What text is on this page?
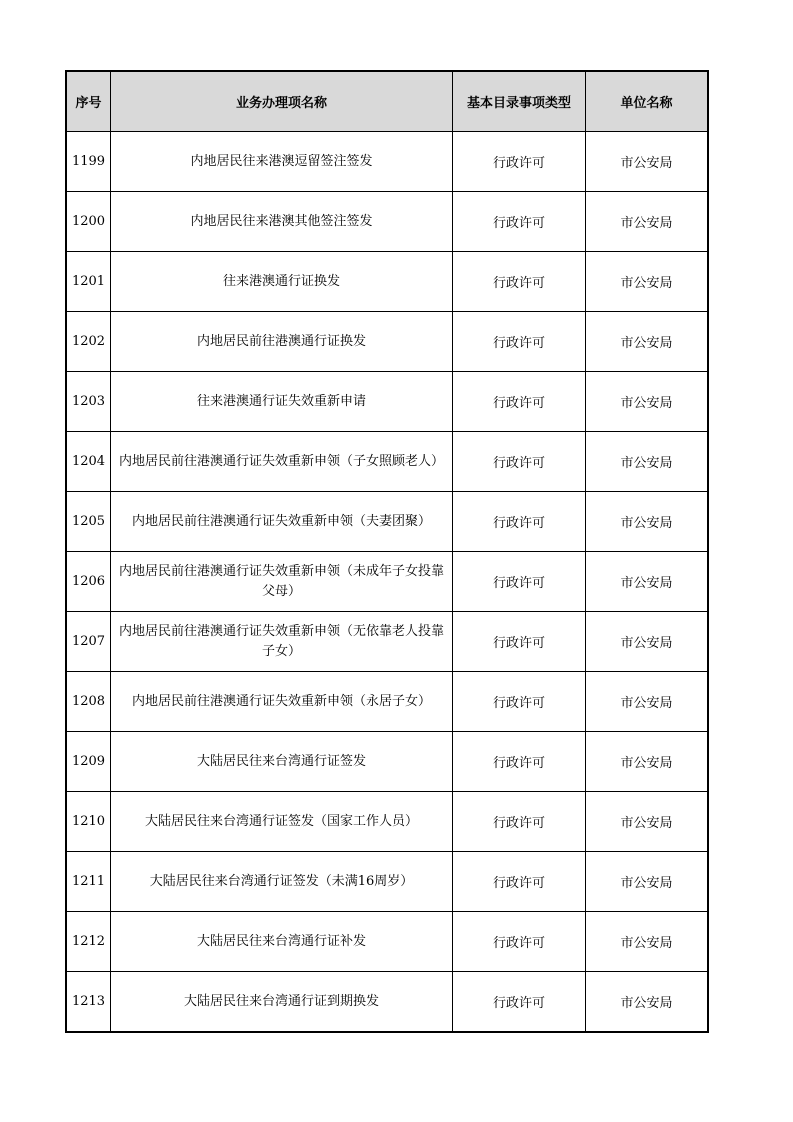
序号	业务办理项名称	基本目录事项类型	单位名称
1199	内地居民往来港澳逗留签注签发	行政许可	市公安局
1200	内地居民往来港澳其他签注签发	行政许可	市公安局
1201	往来港澳通行证换发	行政许可	市公安局
1202	内地居民前往港澳通行证换发	行政许可	市公安局
1203	往来港澳通行证失效重新申请	行政许可	市公安局
1204	内地居民前往港澳通行证失效重新申领（子女照顾老人）	行政许可	市公安局
1205	内地居民前往港澳通行证失效重新申领（夫妻团聚）	行政许可	市公安局
1206	内地居民前往港澳通行证失效重新申领（未成年子女投靠父母）	行政许可	市公安局
1207	内地居民前往港澳通行证失效重新申领（无依靠老人投靠子女）	行政许可	市公安局
1208	内地居民前往港澳通行证失效重新申领（永居子女）	行政许可	市公安局
1209	大陆居民往来台湾通行证签发	行政许可	市公安局
1210	大陆居民往来台湾通行证签发（国家工作人员）	行政许可	市公安局
1211	大陆居民往来台湾通行证签发（未满16周岁）	行政许可	市公安局
1212	大陆居民往来台湾通行证补发	行政许可	市公安局
1213	大陆居民往来台湾通行证到期换发	行政许可	市公安局
